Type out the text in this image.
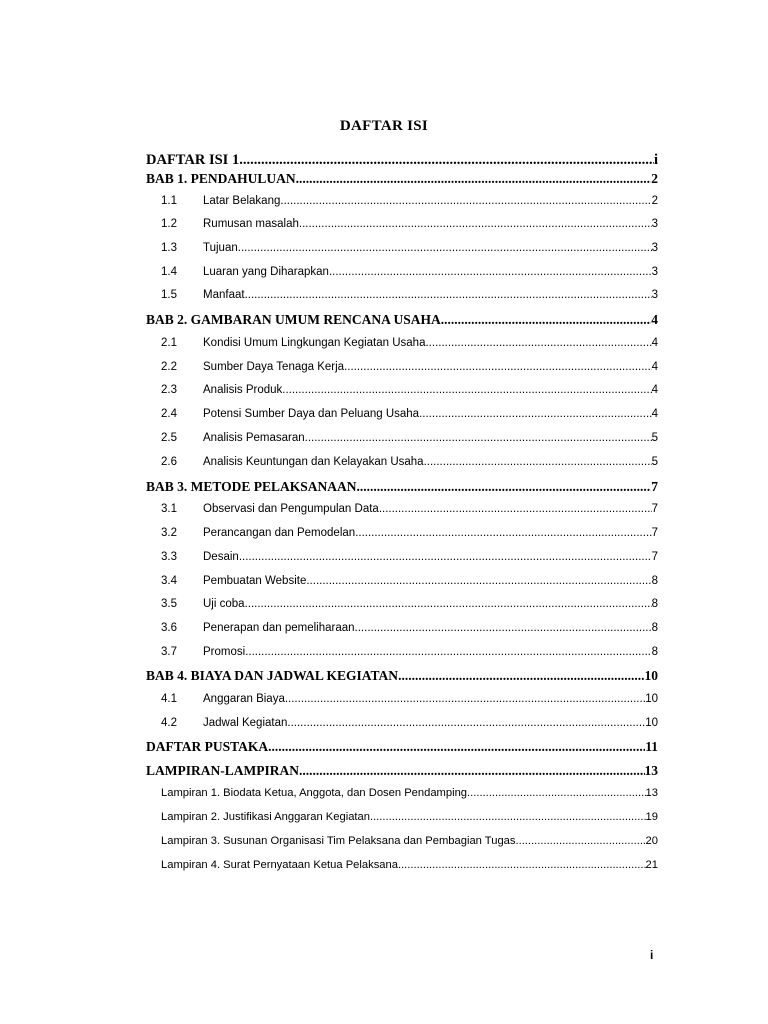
DAFTAR ISI
DAFTAR ISI 1 .....	i
BAB 1. PENDAHULUAN .....	2
1.1	Latar Belakang .....	2
1.2	Rumusan masalah .....	3
1.3	Tujuan .....	3
1.4	Luaran yang Diharapkan .....	3
1.5	Manfaat .....	3
BAB 2. GAMBARAN UMUM RENCANA USAHA .....	4
2.1	Kondisi Umum Lingkungan Kegiatan Usaha .....	4
2.2	Sumber Daya Tenaga Kerja .....	4
2.3	Analisis Produk .....	4
2.4	Potensi Sumber Daya dan Peluang Usaha .....	4
2.5	Analisis Pemasaran .....	5
2.6	Analisis Keuntungan dan Kelayakan Usaha .....	5
BAB 3. METODE PELAKSANAAN .....	7
3.1	Observasi dan Pengumpulan Data .....	7
3.2	Perancangan dan Pemodelan .....	7
3.3	Desain .....	7
3.4	Pembuatan Website .....	8
3.5	Uji coba .....	8
3.6	Penerapan dan pemeliharaan .....	8
3.7	Promosi .....	8
BAB 4. BIAYA DAN JADWAL KEGIATAN .....	10
4.1	Anggaran Biaya .....	10
4.2	Jadwal Kegiatan .....	10
DAFTAR PUSTAKA .....	11
LAMPIRAN-LAMPIRAN .....	13
Lampiran 1. Biodata Ketua, Anggota, dan Dosen Pendamping .....	13
Lampiran 2. Justifikasi Anggaran Kegiatan .....	19
Lampiran 3. Susunan Organisasi Tim Pelaksana dan Pembagian Tugas .....	20
Lampiran 4. Surat Pernyataan Ketua Pelaksana .....	21
i
